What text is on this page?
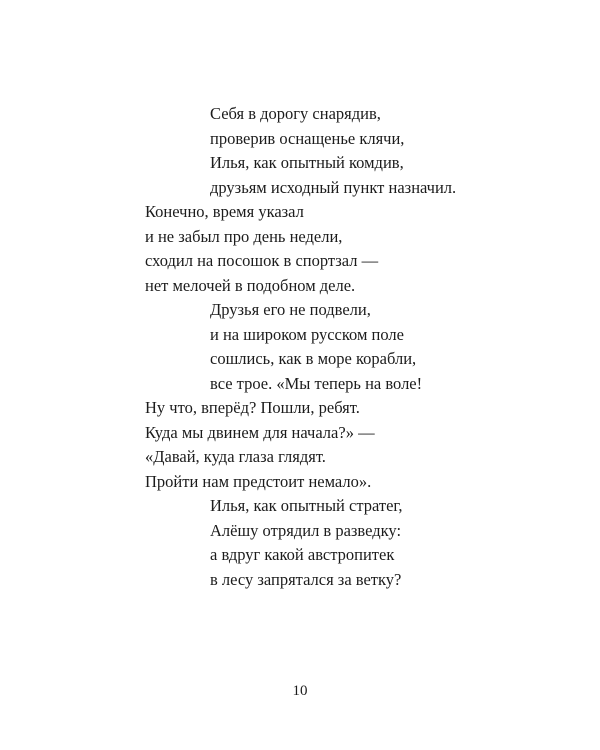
Себя в дорогу снарядив,
проверив оснащенье клячи,
Илья, как опытный комдив,
друзьям исходный пункт назначил.
Конечно, время указал
и не забыл про день недели,
сходил на посошок в спортзал —
нет мелочей в подобном деле.
Друзья его не подвели,
и на широком русском поле
сошлись, как в море корабли,
все трое. «Мы теперь на воле!
Ну что, вперёд? Пошли, ребят.
Куда мы двинем для начала?» —
«Давай, куда глаза глядят.
Пройти нам предстоит немало».
Илья, как опытный стратег,
Алёшу отрядил в разведку:
а вдруг какой австропитек
в лесу запрятался за ветку?
10
